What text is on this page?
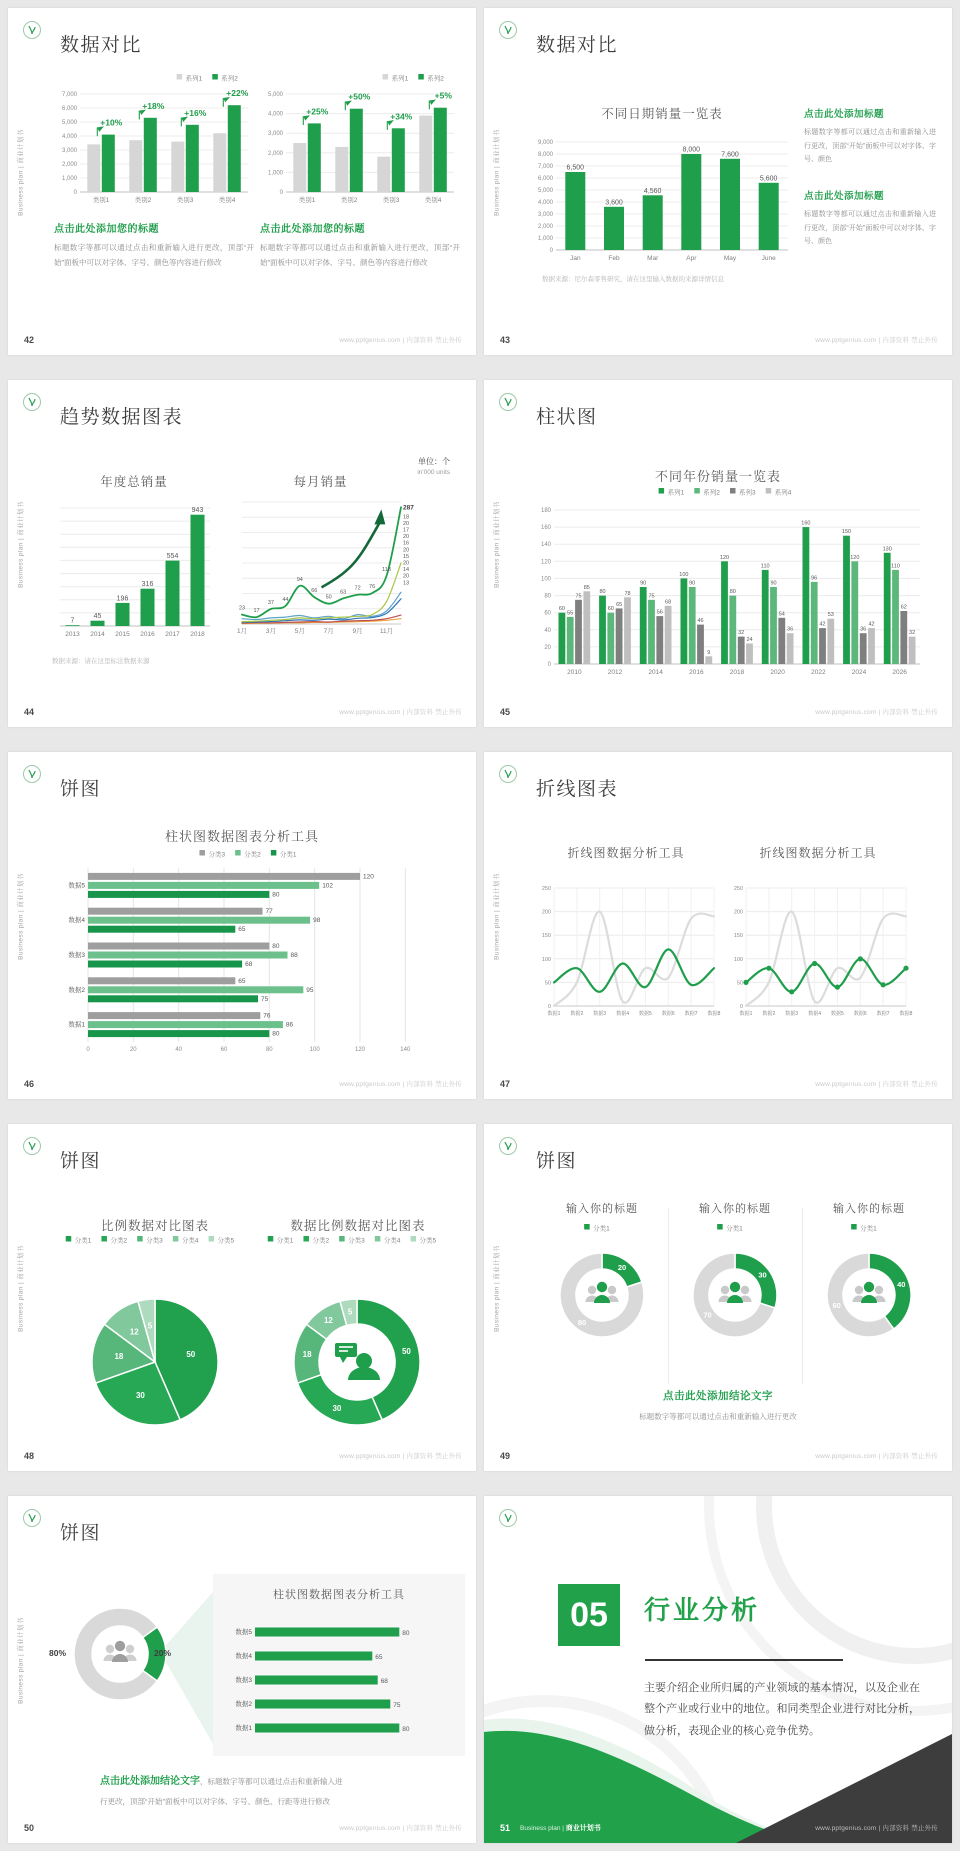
Business plan | 商业计划书
数据对比
0
1,000
2,000
3,000
4,000
5,000
6,000
7,000
+10%
+18%
+16%
+22%
类别1	类别2	类别3	类别4
系列1	系列2
0
1,000
2,000
3,000
4,000
5,000
+25%
+50%
+34%
+5%
类别1	类别2	类别3	类别4
系列1	系列2
点击此处添加您的标题

标题数字等都可以通过点击和重新输入进行更改，顶部“开始”面板中可以对字体、字号、颜色等内容进行修改

点击此处添加您的标题

标题数字等都可以通过点击和重新输入进行更改，顶部“开始”面板中可以对字体、字号、颜色等内容进行修改

42	www.pptgenius.com | 内部资料 禁止外传
Business plan | 商业计划书
数据对比
不同日期销量一览表
0
1,000
2,000
3,000
4,000
5,000
6,000
7,000
8,000
9,000
6,500
3,600
4,560
8,000
7,600
5,600
Jan	Feb	Mar	Apr	May	June
数据来源：尼尔森零售研究，请在这里输入数据的来源详情信息
点击此处添加标题

标题数字等都可以通过点击和重新输入进行更改，顶部“开始”面板中可以对字体、字号、颜色

点击此处添加标题

标题数字等都可以通过点击和重新输入进行更改，顶部“开始”面板中可以对字体、字号、颜色

43	www.pptgenius.com | 内部资料 禁止外传
Business plan | 商业计划书
趋势数据图表
单位：个
in'000 units
年度总销量
7
45
196
316
554
943
2013 2014 2015 2016 2017 2018
每月销量
23 17
37 44
94
66
50
63
72 76
118
1月	3月	5月	7月	9月	11月
287
18
20
17
20
16
20
15
20
14
20
13
数据来源：请在这里标注数据来源
44	www.pptgenius.com | 内部资料 禁止外传
Business plan | 商业计划书
柱状图
不同年份销量一览表
0
20
40
60
80
100
120
140
160
180
60
80
90
100
120
110
160
150
130
55
60
75
90
80
90
96
120
110
75
65
56
46
32
54
42
36
62
85
78
68
9
24
36
53
42
32
2010	2012	2014	2016	2018	2020	2022	2024	2026
系列1	系列2	系列3	系列4
45	www.pptgenius.com | 内部资料 禁止外传
Business plan | 商业计划书
饼图
柱状图数据图表分析工具
分类3	分类2	分类1
0	20	40	60	80	100	120	140
数据5
120
102
80
数据4
77
98
65
数据3
80
88
68
数据2
65
95
75
数据1
76
86
80
46	www.pptgenius.com | 内部资料 禁止外传
Business plan | 商业计划书
折线图表
折线图数据分析工具
0
50
100
150
200
250
数据1 数据2 数据3 数据4 数据5 数据6 数据7 数据8
折线图数据分析工具
0
50
100
150
200
250
数据1 数据2 数据3 数据4 数据5 数据6 数据7 数据8
47	www.pptgenius.com | 内部资料 禁止外传
Business plan | 商业计划书
饼图
比例数据对比图表
分类1	分类2	分类3	分类4	分类5
50
30
18
12
5
数据比例数据对比图表
分类1	分类2	分类3	分类4	分类5
50
30
18
12
5
48	www.pptgenius.com | 内部资料 禁止外传
Business plan | 商业计划书
饼图
输入你的标题	输入你的标题	输入你的标题
分类1
20
80
分类1
30
70
分类1
40
60
点击此处添加结论文字
标题数字等都可以通过点击和重新输入进行更改
49	www.pptgenius.com | 内部资料 禁止外传
Business plan | 商业计划书
饼图
80%	20%
柱状图数据图表分析工具
数据5	80
数据4	65
数据3	68
数据2	75
数据1	80
点击此处添加结论文字，标题数字等都可以通过点击和重新输入进
行更改，顶部“开始”面板中可以对字体、字号、颜色、行距等进行修改
50	www.pptgenius.com | 内部资料 禁止外传
05	行业分析

主要介绍企业所归属的产业领域的基本情况，以及企业在整个产业或行业中的地位。和同类型企业进行对比分析，做分析，表现企业的核心竞争优势。

51 Business plan | 商业计划书	www.pptgenius.com | 内部资料 禁止外传
